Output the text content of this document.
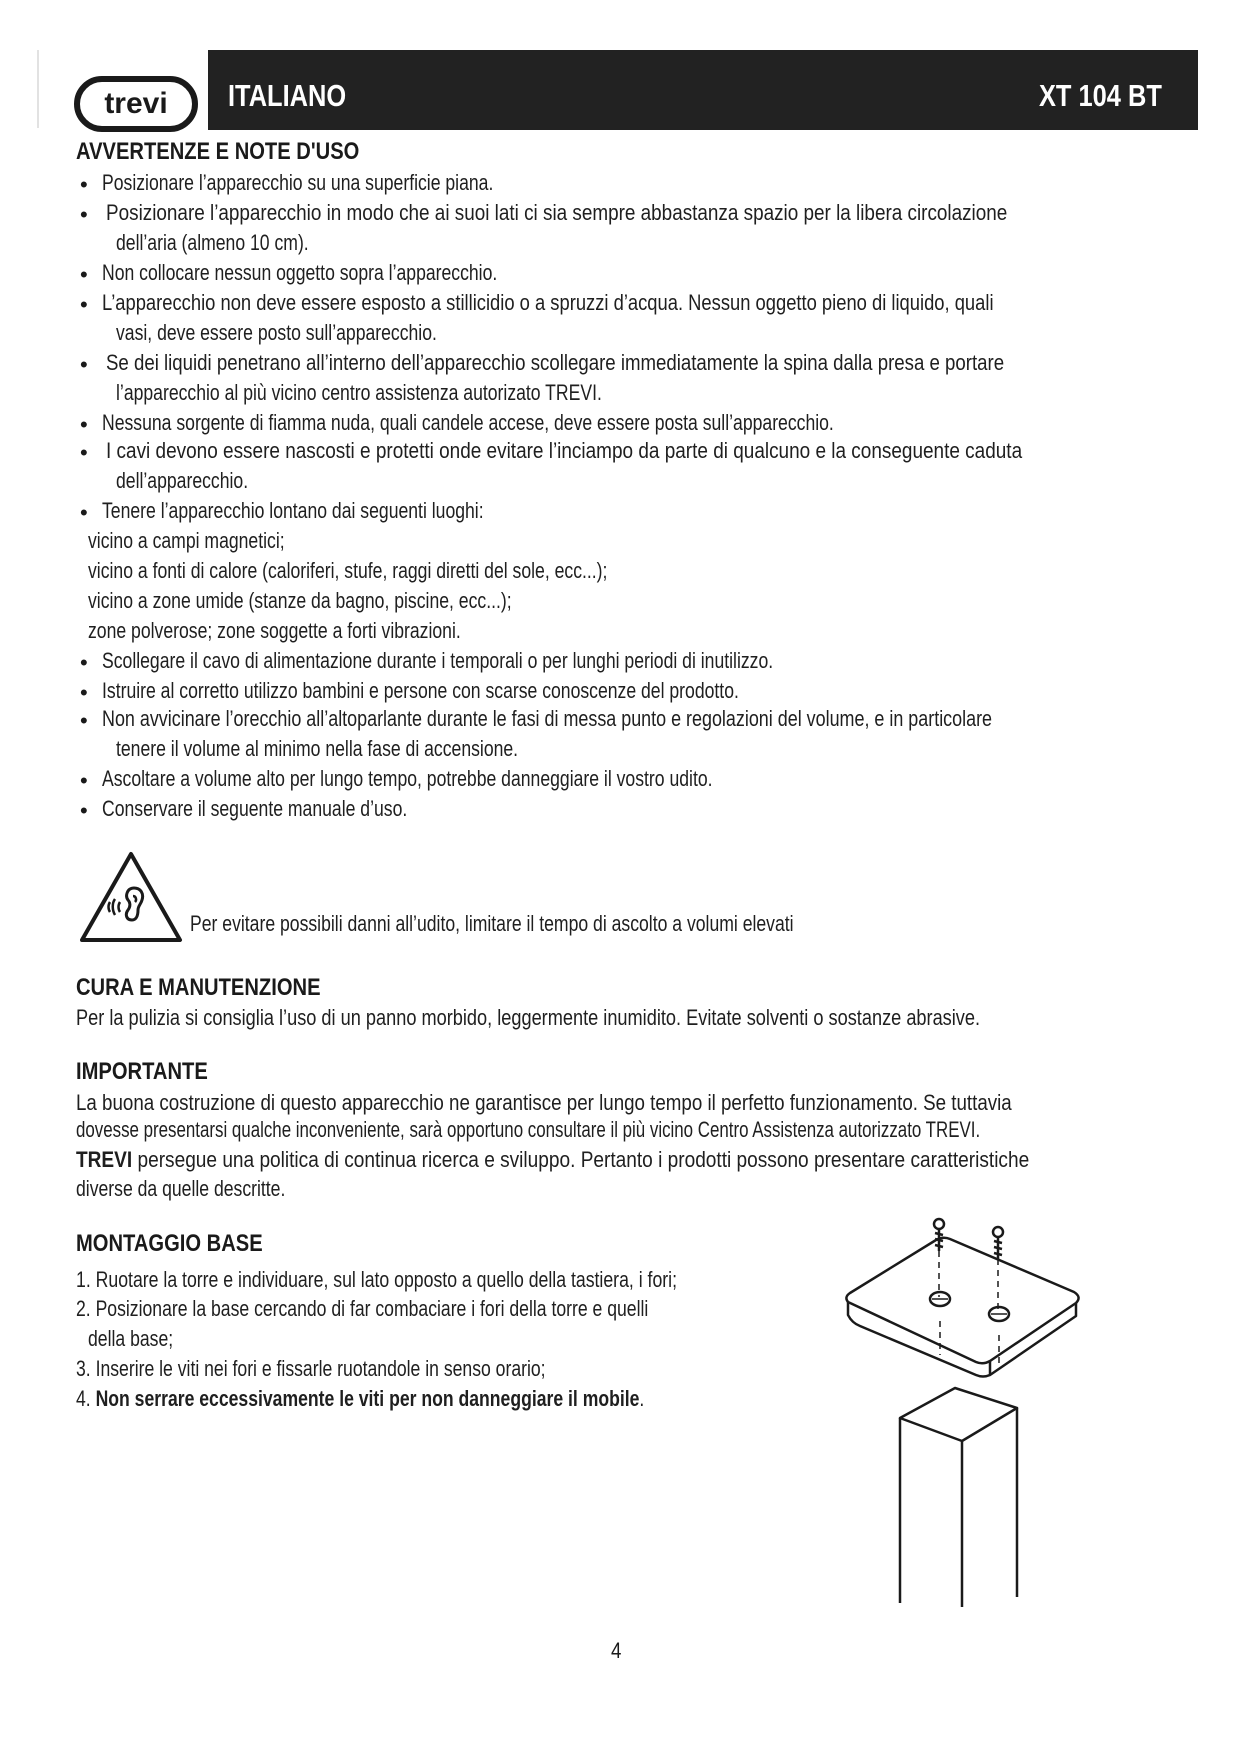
trevi ITALIANO	XT 104 BT
AVVERTENZE E NOTE D'USO
• Posizionare l’apparecchio su una superficie piana.
• Posizionare l’apparecchio in modo che ai suoi lati ci sia sempre abbastanza spazio per la libera circolazione
dell’aria (almeno 10 cm).
• Non collocare nessun oggetto sopra l’apparecchio.
• L’apparecchio non deve essere esposto a stillicidio o a spruzzi d’acqua. Nessun oggetto pieno di liquido, quali
vasi, deve essere posto sull’apparecchio.
• Se dei liquidi penetrano all’interno dell’apparecchio scollegare immediatamente la spina dalla presa e portare
l’apparecchio al più vicino centro assistenza autorizato TREVI.
• Nessuna sorgente di fiamma nuda, quali candele accese, deve essere posta sull’apparecchio.
• I cavi devono essere nascosti e protetti onde evitare l’inciampo da parte di qualcuno e la conseguente caduta
dell’apparecchio.
• Tenere l’apparecchio lontano dai seguenti luoghi:
vicino a campi magnetici;
vicino a fonti di calore (caloriferi, stufe, raggi diretti del sole, ecc...);
vicino a zone umide (stanze da bagno, piscine, ecc...);
zone polverose; zone soggette a forti vibrazioni.
• Scollegare il cavo di alimentazione durante i temporali o per lunghi periodi di inutilizzo.
• Istruire al corretto utilizzo bambini e persone con scarse conoscenze del prodotto.
• Non avvicinare l’orecchio all’altoparlante durante le fasi di messa punto e regolazioni del volume, e in particolare
tenere il volume al minimo nella fase di accensione.
• Ascoltare a volume alto per lungo tempo, potrebbe danneggiare il vostro udito.
• Conservare il seguente manuale d’uso.
Per evitare possibili danni all’udito, limitare il tempo di ascolto a volumi elevati
CURA E MANUTENZIONE
Per la pulizia si consiglia l’uso di un panno morbido, leggermente inumidito. Evitate solventi o sostanze abrasive.
IMPORTANTE
La buona costruzione di questo apparecchio ne garantisce per lungo tempo il perfetto funzionamento. Se tuttavia
dovesse presentarsi qualche inconveniente, sarà opportuno consultare il più vicino Centro Assistenza autorizzato TREVI.
TREVI persegue una politica di continua ricerca e sviluppo. Pertanto i prodotti possono presentare caratteristiche
diverse da quelle descritte.
MONTAGGIO BASE
1. Ruotare la torre e individuare, sul lato opposto a quello della tastiera, i fori;
2. Posizionare la base cercando di far combaciare i fori della torre e quelli
della base;
3. Inserire le viti nei fori e fissarle ruotandole in senso orario;
4. Non serrare eccessivamente le viti per non danneggiare il mobile.
4
